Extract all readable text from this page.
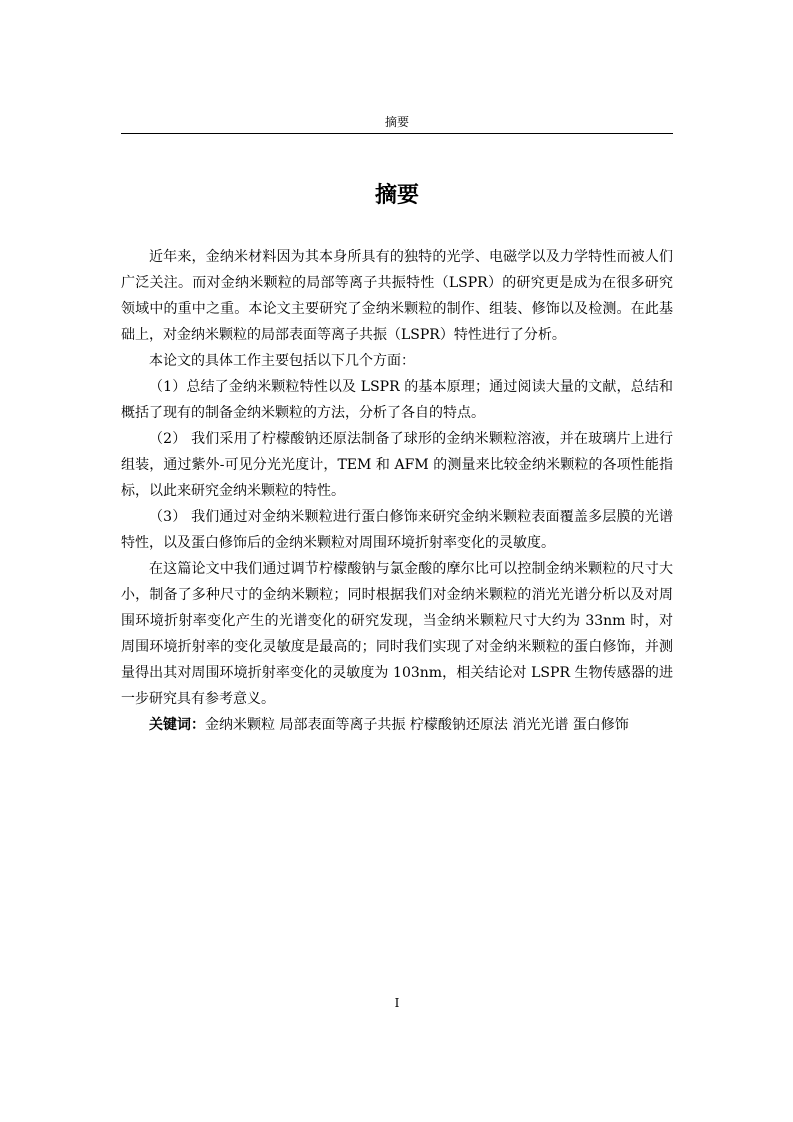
摘要
摘要

近年来，金纳米材料因为其本身所具有的独特的光学、电磁学以及力学特性而被人们广泛关注。而对金纳米颗粒的局部等离子共振特性（LSPR）的研究更是成为在很多研究领域中的重中之重。本论文主要研究了金纳米颗粒的制作、组装、修饰以及检测。在此基础上，对金纳米颗粒的局部表面等离子共振（LSPR）特性进行了分析。

本论文的具体工作主要包括以下几个方面：

（1）总结了金纳米颗粒特性以及 LSPR 的基本原理；通过阅读大量的文献，总结和概括了现有的制备金纳米颗粒的方法，分析了各自的特点。

（2） 我们采用了柠檬酸钠还原法制备了球形的金纳米颗粒溶液，并在玻璃片上进行组装，通过紫外-可见分光光度计，TEM 和 AFM 的测量来比较金纳米颗粒的各项性能指标，以此来研究金纳米颗粒的特性。

（3） 我们通过对金纳米颗粒进行蛋白修饰来研究金纳米颗粒表面覆盖多层膜的光谱特性，以及蛋白修饰后的金纳米颗粒对周围环境折射率变化的灵敏度。

在这篇论文中我们通过调节柠檬酸钠与氯金酸的摩尔比可以控制金纳米颗粒的尺寸大小，制备了多种尺寸的金纳米颗粒；同时根据我们对金纳米颗粒的消光光谱分析以及对周围环境折射率变化产生的光谱变化的研究发现，当金纳米颗粒尺寸大约为 33nm 时，对周围环境折射率的变化灵敏度是最高的；同时我们实现了对金纳米颗粒的蛋白修饰，并测量得出其对周围环境折射率变化的灵敏度为 103nm，相关结论对 LSPR 生物传感器的进一步研究具有参考意义。

关键词：金纳米颗粒 局部表面等离子共振 柠檬酸钠还原法 消光光谱 蛋白修饰

I
